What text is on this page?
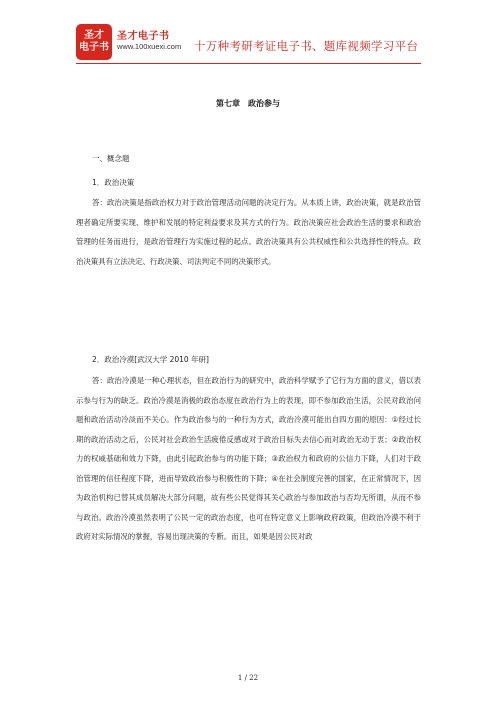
圣才
电子书
圣才电子书
www.100xuexi.com 十万种考研考证电子书、题库视频学习平台
第七章　政治参与
一、概念题
1．政治决策

答：政治决策是指政治权力对于政治管理活动问题的决定行为。从本质上讲，政治决策，就是政治管理者确定所要实现、维护和发展的特定利益要求及其方式的行为。政治决策应社会政治生活的要求和政治管理的任务而进行，是政治管理行为实施过程的起点。政治决策具有公共权威性和公共选择性的特点。政治决策具有立法决定、行政决策、司法判定不同的决策形式。

2．政治冷漠[武汉大学 2010 年研]

答：政治冷漠是一种心理状态，但在政治行为的研究中，政治科学赋予了它行为方面的意义，借以表示参与行为的缺乏。政治冷漠是消极的政治态度在政治行为上的表现，即不参加政治生活，公民对政治问题和政治活动冷淡而不关心。作为政治参与的一种行为方式，政治冷漠可能出自四方面的原因：①经过长期的政治活动之后，公民对社会政治生活疲倦反感或对于政治目标失去信心而对政治无动于衷；②政治权力的权威基础和效力下降，由此引起政治参与的功能下降；③政治权力和政府的公信力下降，人们对于政治管理的信任程度下降，进而导致政治参与积极性的下降；④在社会制度完善的国家，在正常情况下，因为政治机构已替其成员解决大部分问题，故有些公民觉得其关心政治与参加政治与否均无所谓，从而不参与政治。政治冷漠虽然表明了公民一定的政治态度，也可在特定意义上影响政府政策，但政治冷漠不利于政府对实际情况的掌握，容易出现决策的专断。而且，如果是因公民对政

1 / 22
